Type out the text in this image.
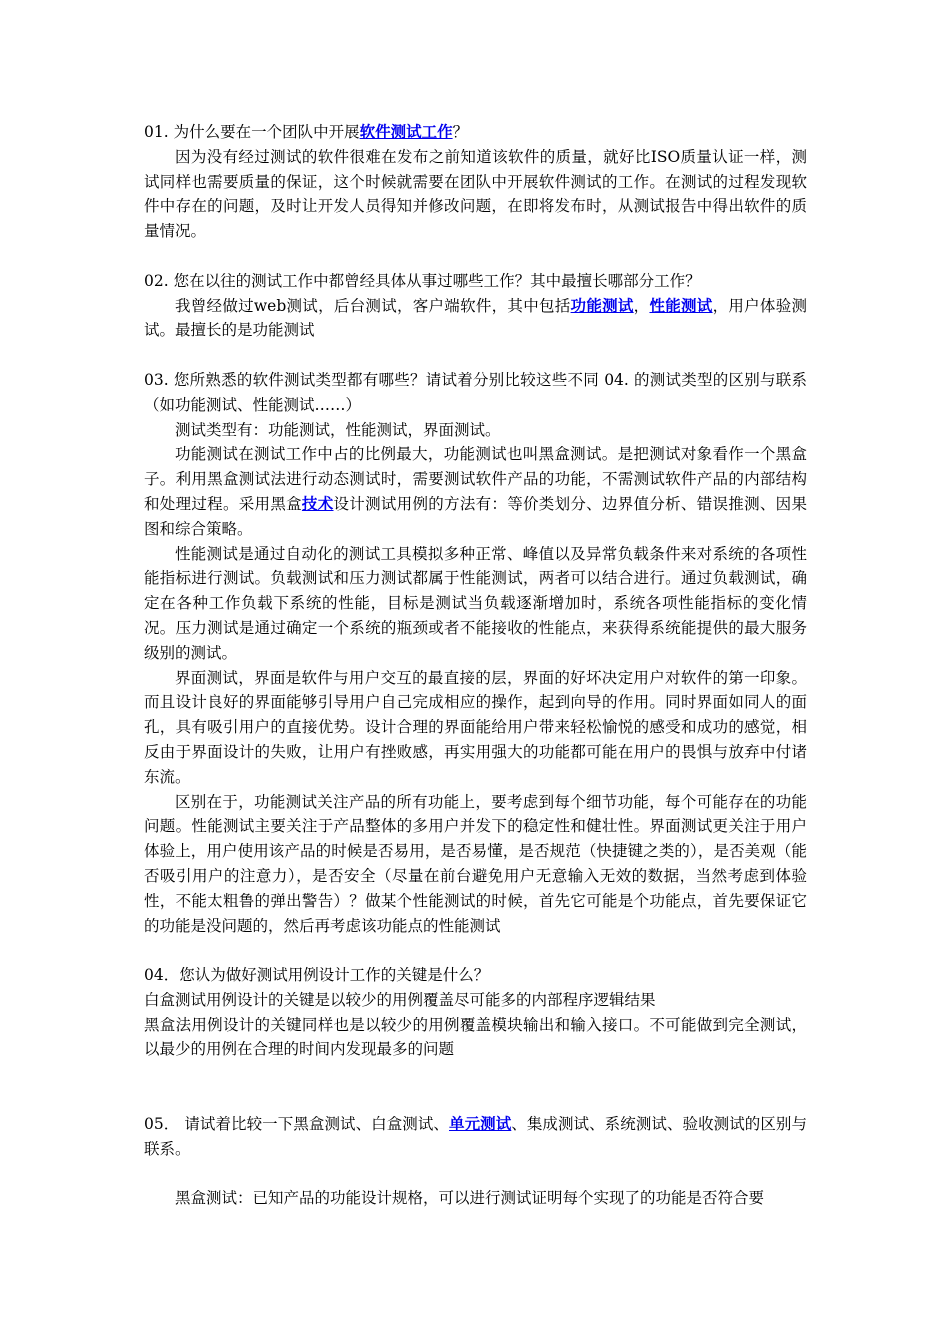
01. 为什么要在一个团队中开展软件测试工作？

因为没有经过测试的软件很难在发布之前知道该软件的质量，就好比ISO质量认证一样，测试同样也需要质量的保证，这个时候就需要在团队中开展软件测试的工作。在测试的过程发现软件中存在的问题，及时让开发人员得知并修改问题，在即将发布时，从测试报告中得出软件的质量情况。

02. 您在以往的测试工作中都曾经具体从事过哪些工作？其中最擅长哪部分工作？

我曾经做过web测试，后台测试，客户端软件，其中包括功能测试，性能测试，用户体验测试。最擅长的是功能测试

03. 您所熟悉的软件测试类型都有哪些？请试着分别比较这些不同 04. 的测试类型的区别与联系（如功能测试、性能测试……）

测试类型有：功能测试，性能测试，界面测试。

功能测试在测试工作中占的比例最大，功能测试也叫黑盒测试。是把测试对象看作一个黑盒子。利用黑盒测试法进行动态测试时，需要测试软件产品的功能，不需测试软件产品的内部结构和处理过程。采用黑盒技术设计测试用例的方法有：等价类划分、边界值分析、错误推测、因果图和综合策略。

性能测试是通过自动化的测试工具模拟多种正常、峰值以及异常负载条件来对系统的各项性能指标进行测试。负载测试和压力测试都属于性能测试，两者可以结合进行。通过负载测试，确定在各种工作负载下系统的性能，目标是测试当负载逐渐增加时，系统各项性能指标的变化情况。压力测试是通过确定一个系统的瓶颈或者不能接收的性能点，来获得系统能提供的最大服务级别的测试。

界面测试，界面是软件与用户交互的最直接的层，界面的好坏决定用户对软件的第一印象。而且设计良好的界面能够引导用户自己完成相应的操作，起到向导的作用。同时界面如同人的面孔，具有吸引用户的直接优势。设计合理的界面能给用户带来轻松愉悦的感受和成功的感觉，相反由于界面设计的失败，让用户有挫败感，再实用强大的功能都可能在用户的畏惧与放弃中付诸东流。

区别在于，功能测试关注产品的所有功能上，要考虑到每个细节功能，每个可能存在的功能问题。性能测试主要关注于产品整体的多用户并发下的稳定性和健壮性。界面测试更关注于用户体验上，用户使用该产品的时候是否易用，是否易懂，是否规范（快捷键之类的），是否美观（能否吸引用户的注意力），是否安全（尽量在前台避免用户无意输入无效的数据，当然考虑到体验性，不能太粗鲁的弹出警告）？做某个性能测试的时候，首先它可能是个功能点，首先要保证它的功能是没问题的，然后再考虑该功能点的性能测试

04．您认为做好测试用例设计工作的关键是什么？

白盒测试用例设计的关键是以较少的用例覆盖尽可能多的内部程序逻辑结果

黑盒法用例设计的关键同样也是以较少的用例覆盖模块输出和输入接口。不可能做到完全测试，以最少的用例在合理的时间内发现最多的问题

05． 请试着比较一下黑盒测试、白盒测试、单元测试、集成测试、系统测试、验收测试的区别与联系。

黑盒测试：已知产品的功能设计规格，可以进行测试证明每个实现了的功能是否符合要
